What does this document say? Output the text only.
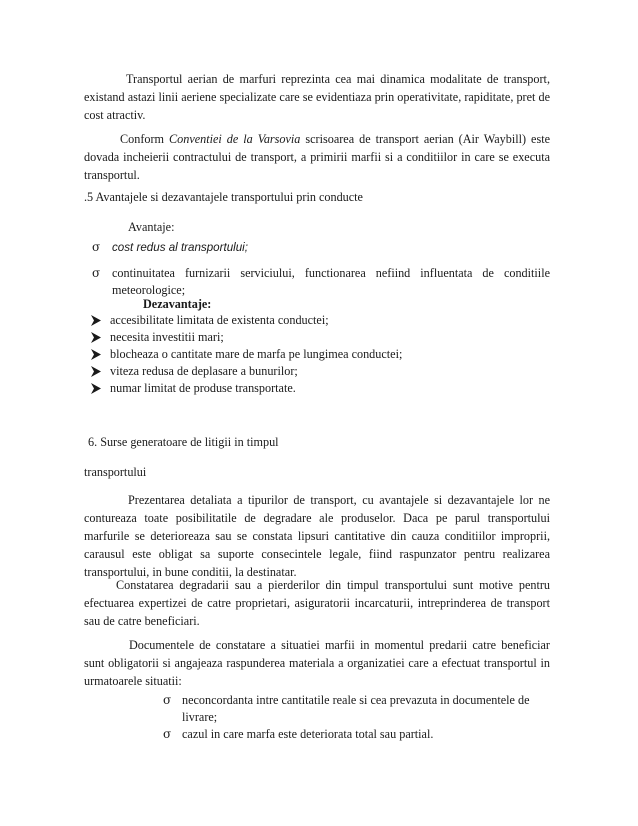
Transportul aerian de marfuri reprezinta cea mai dinamica modalitate de transport, existand astazi linii aeriene specializate care se evidentiaza prin operativitate, rapiditate, pret de cost atractiv.

Conform Conventiei de la Varsovia scrisoarea de transport aerian (Air Waybill) este dovada incheierii contractului de transport, a primirii marfii si a conditiilor in care se executa transportul.

.5 Avantajele si dezavantajele transportului prin conducte

Avantaje:

σ	cost redus al transportului;
σ continuitatea furnizarii serviciului, functionarea nefiind influentata de conditiile meteorologice;

Dezavantaje:

accesibilitate limitata de existenta conductei;
necesita investitii mari;
blocheaza o cantitate mare de marfa pe lungimea conductei;
viteza redusa de deplasare a bunurilor;
numar limitat de produse transportate.

6. Surse generatoare de litigii in timpul

transportului

Prezentarea detaliata a tipurilor de transport, cu avantajele si dezavantajele lor ne contureaza toate posibilitatile de degradare ale produselor. Daca pe parul transportului marfurile se deterioreaza sau se constata lipsuri cantitative din cauza conditiilor improprii, carausul este obligat sa suporte consecintele legale, fiind raspunzator pentru realizarea transportului, in bune conditii, la destinatar.

Constatarea degradarii sau a pierderilor din timpul transportului sunt motive pentru efectuarea expertizei de catre proprietari, asiguratorii incarcaturii, intreprinderea de transport sau de catre beneficiari.

Documentele de constatare a situatiei marfii in momentul predarii catre beneficiar sunt obligatorii si angajeaza raspunderea materiala a organizatiei care a efectuat transportul in urmatoarele situatii:

σ neconcordanta intre cantitatile reale si cea prevazuta in documentele de livrare;
σ cazul in care marfa este deteriorata total sau partial.
